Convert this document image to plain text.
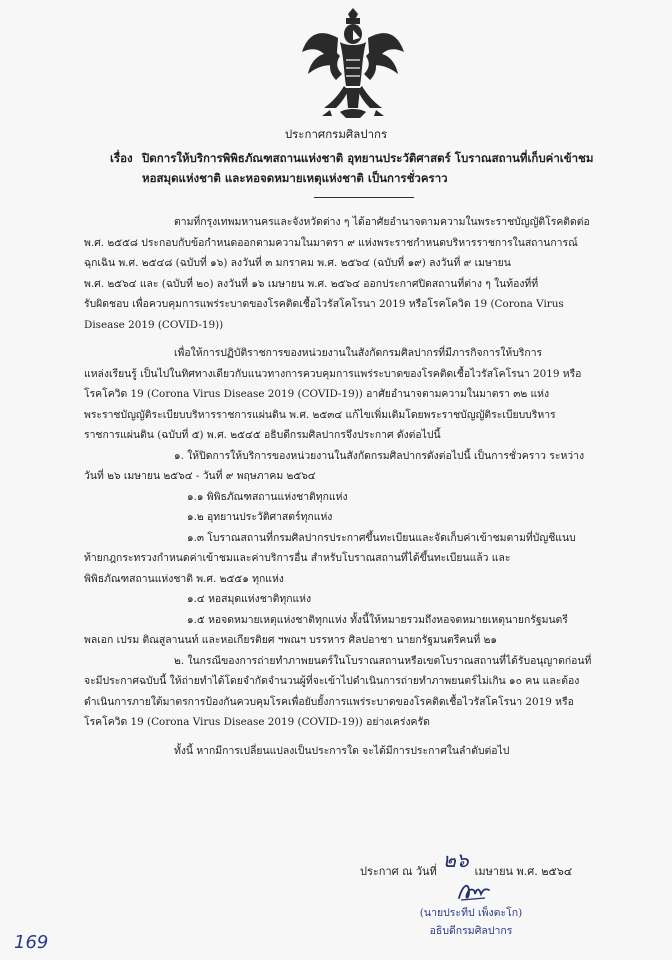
ประกาศกรมศิลปากร
เรื่อง ปิดการให้บริการพิพิธภัณฑสถานแห่งชาติ อุทยานประวัติศาสตร์ โบราณสถานที่เก็บค่าเข้าชม
หอสมุดแห่งชาติ และหอจดหมายเหตุแห่งชาติ เป็นการชั่วคราว
ตามที่กรุงเทพมหานครและจังหวัดต่าง ๆ ได้อาศัยอำนาจตามความในพระราชบัญญัติโรคติดต่อ
พ.ศ. ๒๕๕๘ ประกอบกับข้อกำหนดออกตามความในมาตรา ๙ แห่งพระราชกำหนดบริหารราชการในสถานการณ์
ฉุกเฉิน พ.ศ. ๒๕๔๘ (ฉบับที่ ๑๖) ลงวันที่ ๓ มกราคม พ.ศ. ๒๕๖๔ (ฉบับที่ ๑๙) ลงวันที่ ๙ เมษายน
พ.ศ. ๒๕๖๔ และ (ฉบับที่ ๒๐) ลงวันที่ ๑๖ เมษายน พ.ศ. ๒๕๖๔ ออกประกาศปิดสถานที่ต่าง ๆ ในท้องที่ที่
รับผิดชอบ เพื่อควบคุมการแพร่ระบาดของโรคติดเชื้อไวรัสโคโรนา 2019 หรือโรคโควิด 19 (Corona Virus
Disease 2019 (COVID-19))
เพื่อให้การปฏิบัติราชการของหน่วยงานในสังกัดกรมศิลปากรที่มีภารกิจการให้บริการ
แหล่งเรียนรู้ เป็นไปในทิศทางเดียวกับแนวทางการควบคุมการแพร่ระบาดของโรคติดเชื้อไวรัสโคโรนา 2019 หรือ
โรคโควิด 19 (Corona Virus Disease 2019 (COVID-19)) อาศัยอำนาจตามความในมาตรา ๓๒ แห่ง
พระราชบัญญัติระเบียบบริหารราชการแผ่นดิน พ.ศ. ๒๕๓๔ แก้ไขเพิ่มเติมโดยพระราชบัญญัติระเบียบบริหาร
ราชการแผ่นดิน (ฉบับที่ ๕) พ.ศ. ๒๕๔๕ อธิบดีกรมศิลปากรจึงประกาศ ดังต่อไปนี้
๑. ให้ปิดการให้บริการของหน่วยงานในสังกัดกรมศิลปากรดังต่อไปนี้ เป็นการชั่วคราว ระหว่าง
วันที่ ๒๖ เมษายน ๒๕๖๔ - วันที่ ๙ พฤษภาคม ๒๕๖๔
๑.๑ พิพิธภัณฑสถานแห่งชาติทุกแห่ง
๑.๒ อุทยานประวัติศาสตร์ทุกแห่ง
๑.๓ โบราณสถานที่กรมศิลปากรประกาศขึ้นทะเบียนและจัดเก็บค่าเข้าชมตามที่บัญชีแนบ
ท้ายกฎกระทรวงกำหนดค่าเข้าชมและค่าบริการอื่น สำหรับโบราณสถานที่ได้ขึ้นทะเบียนแล้ว และ
พิพิธภัณฑสถานแห่งชาติ พ.ศ. ๒๕๕๑ ทุกแห่ง
๑.๔ หอสมุดแห่งชาติทุกแห่ง
๑.๕ หอจดหมายเหตุแห่งชาติทุกแห่ง ทั้งนี้ให้หมายรวมถึงหอจดหมายเหตุนายกรัฐมนตรี
พลเอก เปรม ติณสูลานนท์ และหอเกียรติยศ ฯพณฯ บรรหาร ศิลปอาชา นายกรัฐมนตรีคนที่ ๒๑
๒. ในกรณีของการถ่ายทำภาพยนตร์ในโบราณสถานหรือเขตโบราณสถานที่ได้รับอนุญาตก่อนที่
จะมีประกาศฉบับนี้ ให้ถ่ายทำได้โดยจำกัดจำนวนผู้ที่จะเข้าไปดำเนินการถ่ายทำภาพยนตร์ไม่เกิน ๑๐ คน และต้อง
ดำเนินการภายใต้มาตรการป้องกันควบคุมโรคเพื่อยับยั้งการแพร่ระบาดของโรคติดเชื้อไวรัสโคโรนา 2019 หรือ
โรคโควิด 19 (Corona Virus Disease 2019 (COVID-19)) อย่างเคร่งครัด
ทั้งนี้ หากมีการเปลี่ยนแปลงเป็นประการใด จะได้มีการประกาศในลำดับต่อไป
ประกาศ ณ วันที่ ๒๖ เมษายน พ.ศ. ๒๕๖๔
(นายประทีป เพ็งตะโก)
อธิบดีกรมศิลปากร
169
